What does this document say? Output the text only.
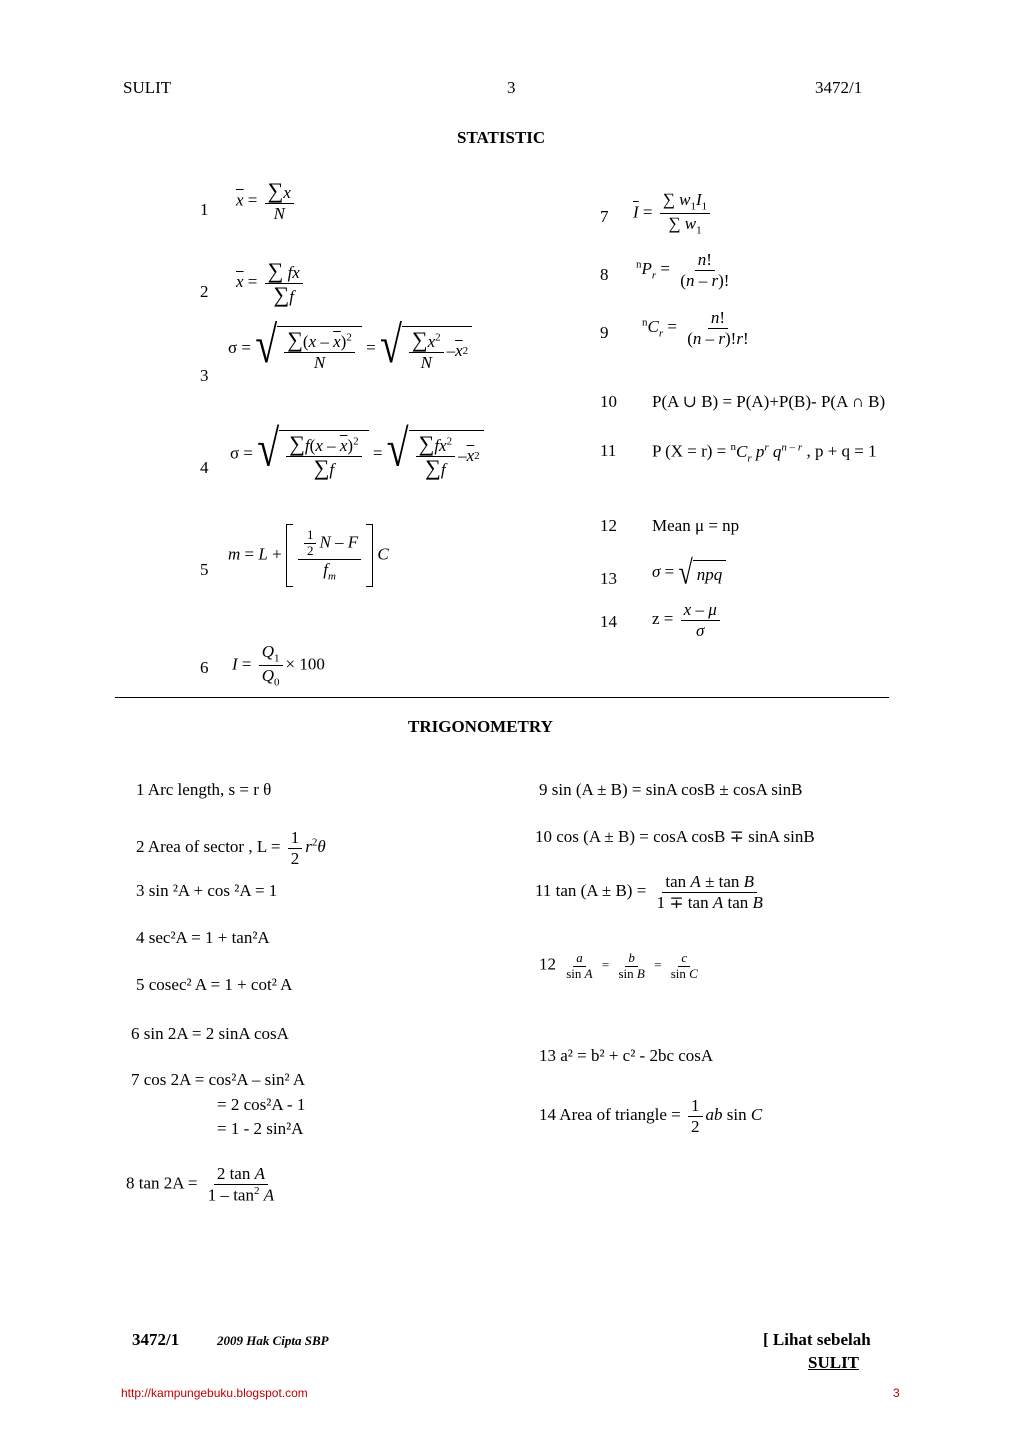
SULIT	3	3472/1
STATISTIC
1
$\overline{x} = \frac{\sum x}{N}$
2
$\overline{x} = \frac{\sum fx}{\sum f}$
3
σ = √ $\frac{\sum(x - \overline{x})^2}{N}$ = √ $\frac{\sum x^2}{N} - \overline{x}$ 2
4
σ = √ $\frac{\sum f(x - \overline{x})^2}{\sum f}$ = √ $\frac{\sum fx^2}{\sum f} - \overline{x}$ 2
5
$m = L + \frac{\frac{1}{2} N - F}{f_m}$ C
6 $I = \frac{Q_1}{Q_0} \times 100$
7 $\overline{I} = \frac{\sum w_1I_1}{\sum w_1}$
8
$^nP_r = \frac{n!}{(n - r)!}$
9
$^nC_r = \frac{n!}{(n - r)!r!}$
10 P(A ∪ B) = P(A)+P(B)- P(A ∩ B)
11 P $(X = r) = ^nC_r$ $p^r$ $q^{n - r}$ , p + q = 1
12 Mean μ = np
13 σ = √ npq
14 $z = \frac{x - \mu}{\sigma}$
TRIGONOMETRY
1 Arc length, s = r θ
2 Area of sector , $L = \frac{1}{2} r^2\theta$
3 sin ²A + cos ²A = 1
4 sec²A = 1 + tan²A
5 cosec² A = 1 + cot² A
6 sin 2A = 2 sinA cosA
7 cos 2A = cos²A – sin² A
= 2 cos²A - 1
= 1 - 2 sin²A
8 $\tan 2A = \frac{\text{2 tan A}}{1 - \tan^2 A}$
9 sin (A ± B) = sinA cosB ± cosA sinB
10 cos (A ± B) = cosA cosB ∓ sinA sinB
11 $\tan (A \pm B) = \frac{\text{tan A ± tan B}}{\text{1 ∓ tan A tan B}}$
$12 \frac{a}{\text{sin A}} = \frac{b}{\text{sin B}} = \frac{c}{\text{sin C}}$
13 a² = b² + c² - 2bc cosA
14 Area of triangle = $\frac{1}{2}$ ab sin C
3472/1	2009 Hak Cipta SBP	[ Lihat sebelah
SULIT
http://kampungebuku.blogspot.com	3
